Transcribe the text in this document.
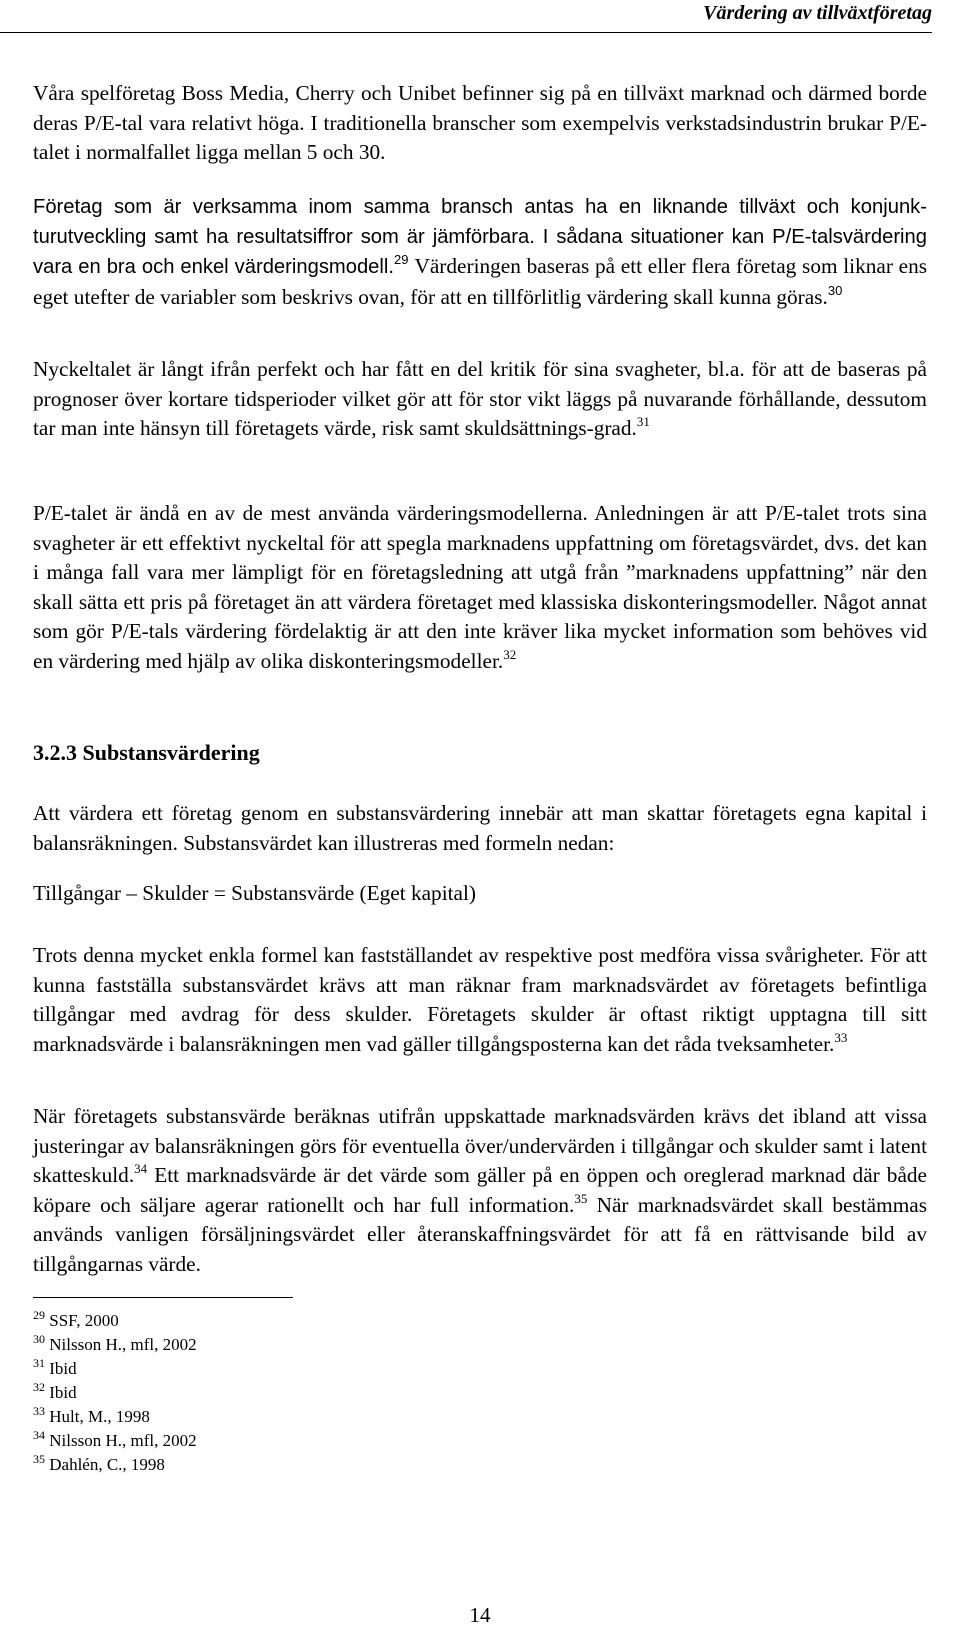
Värdering av tillväxtföretag

Våra spelföretag Boss Media, Cherry och Unibet befinner sig på en tillväxt marknad och därmed borde deras P/E-tal vara relativt höga. I traditionella branscher som exempelvis verkstadsindustrin brukar P/E-talet i normalfallet ligga mellan 5 och 30.

Företag som är verksamma inom samma bransch antas ha en liknande tillväxt och konjunk-turutveckling samt ha resultatsiffror som är jämförbara. I sådana situationer kan P/E-talsvärdering vara en bra och enkel värderingsmodell.$^{29}$ Värderingen baseras på ett eller flera företag som liknar ens eget utefter de variabler som beskrivs ovan, för att en tillförlitlig värdering skall kunna göras.$^{30}$

Nyckeltalet är långt ifrån perfekt och har fått en del kritik för sina svagheter, bl.a. för att de baseras på prognoser över kortare tidsperioder vilket gör att för stor vikt läggs på nuvarande förhållande, dessutom tar man inte hänsyn till företagets värde, risk samt skuldsättnings-grad.$^{31}$

P/E-talet är ändå en av de mest använda värderingsmodellerna. Anledningen är att P/E-talet trots sina svagheter är ett effektivt nyckeltal för att spegla marknadens uppfattning om företagsvärdet, dvs. det kan i många fall vara mer lämpligt för en företagsledning att utgå från ”marknadens uppfattning” när den skall sätta ett pris på företaget än att värdera företaget med klassiska diskonteringsmodeller. Något annat som gör P/E-tals värdering fördelaktig är att den inte kräver lika mycket information som behöves vid en värdering med hjälp av olika diskonteringsmodeller.$^{32}$

3.2.3 Substansvärdering

Att värdera ett företag genom en substansvärdering innebär att man skattar företagets egna kapital i balansräkningen. Substansvärdet kan illustreras med formeln nedan:

Tillgångar – Skulder = Substansvärde (Eget kapital)

Trots denna mycket enkla formel kan fastställandet av respektive post medföra vissa svårigheter. För att kunna fastställa substansvärdet krävs att man räknar fram marknadsvärdet av företagets befintliga tillgångar med avdrag för dess skulder. Företagets skulder är oftast riktigt upptagna till sitt marknadsvärde i balansräkningen men vad gäller tillgångsposterna kan det råda tveksamheter.$^{33}$

När företagets substansvärde beräknas utifrån uppskattade marknadsvärden krävs det ibland att vissa justeringar av balansräkningen görs för eventuella över/undervärden i tillgångar och skulder samt i latent skatteskuld.$^{34}$ Ett marknadsvärde är det värde som gäller på en öppen och oreglerad marknad där både köpare och säljare agerar rationellt och har full information.$^{35}$ När marknadsvärdet skall bestämmas används vanligen försäljningsvärdet eller återanskaffningsvärdet för att få en rättvisande bild av tillgångarnas värde.

$^{29}$ SSF, 2000
$^{30}$ Nilsson H., mfl, 2002
$^{31}$ Ibid
$^{32}$ Ibid
$^{33}$ Hult, M., 1998
$^{34}$ Nilsson H., mfl, 2002
$^{35}$ Dahlén, C., 1998
14
